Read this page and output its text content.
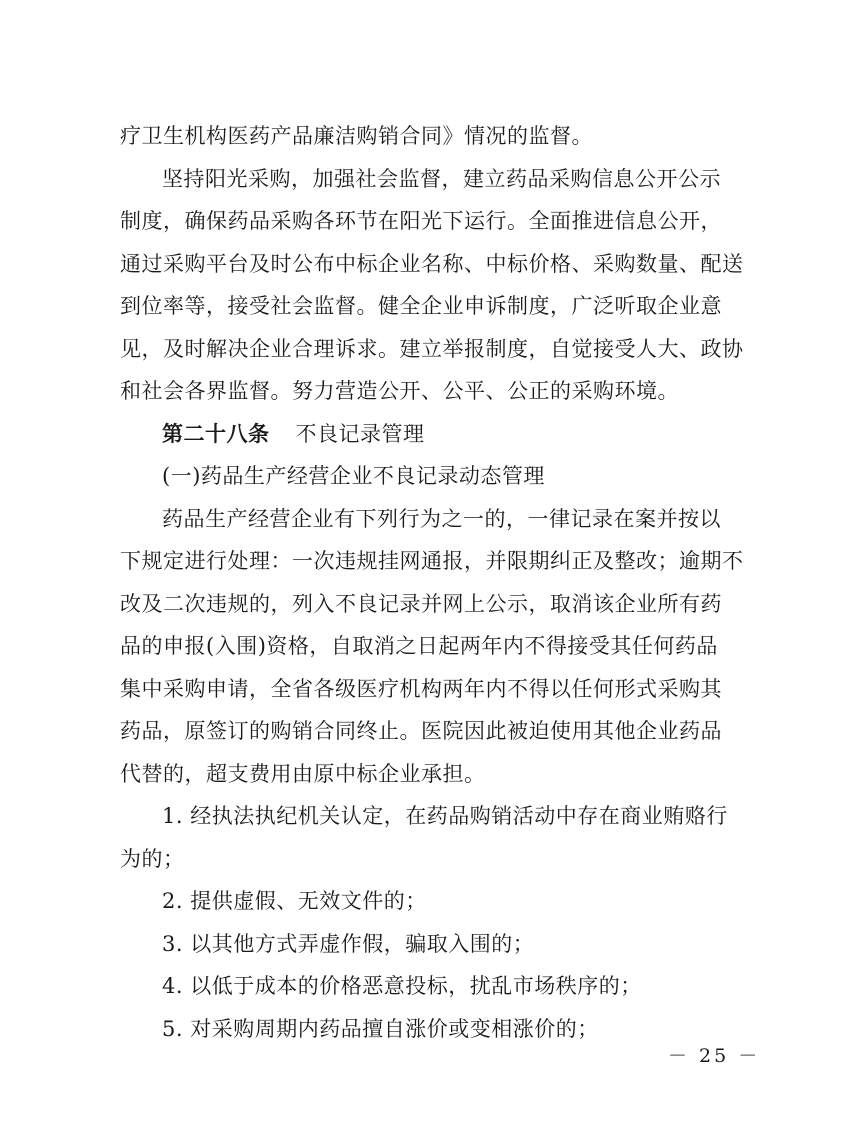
疗卫生机构医药产品廉洁购销合同》情况的监督。

坚持阳光采购，加强社会监督，建立药品采购信息公开公示

制度，确保药品采购各环节在阳光下运行。全面推进信息公开，

通过采购平台及时公布中标企业名称、中标价格、采购数量、配送

到位率等，接受社会监督。健全企业申诉制度，广泛听取企业意

见，及时解决企业合理诉求。建立举报制度，自觉接受人大、政协

和社会各界监督。努力营造公开、公平、公正的采购环境。

第二十八条 不良记录管理

(一)药品生产经营企业不良记录动态管理

药品生产经营企业有下列行为之一的，一律记录在案并按以

下规定进行处理：一次违规挂网通报，并限期纠正及整改；逾期不

改及二次违规的，列入不良记录并网上公示，取消该企业所有药

品的申报(入围)资格，自取消之日起两年内不得接受其任何药品

集中采购申请，全省各级医疗机构两年内不得以任何形式采购其

药品，原签订的购销合同终止。医院因此被迫使用其他企业药品

代替的，超支费用由原中标企业承担。

1. 经执法执纪机关认定，在药品购销活动中存在商业贿赂行

为的；

2. 提供虚假、无效文件的；

3. 以其他方式弄虚作假，骗取入围的；

4. 以低于成本的价格恶意投标，扰乱市场秩序的；

5. 对采购周期内药品擅自涨价或变相涨价的；

－ 25 －
